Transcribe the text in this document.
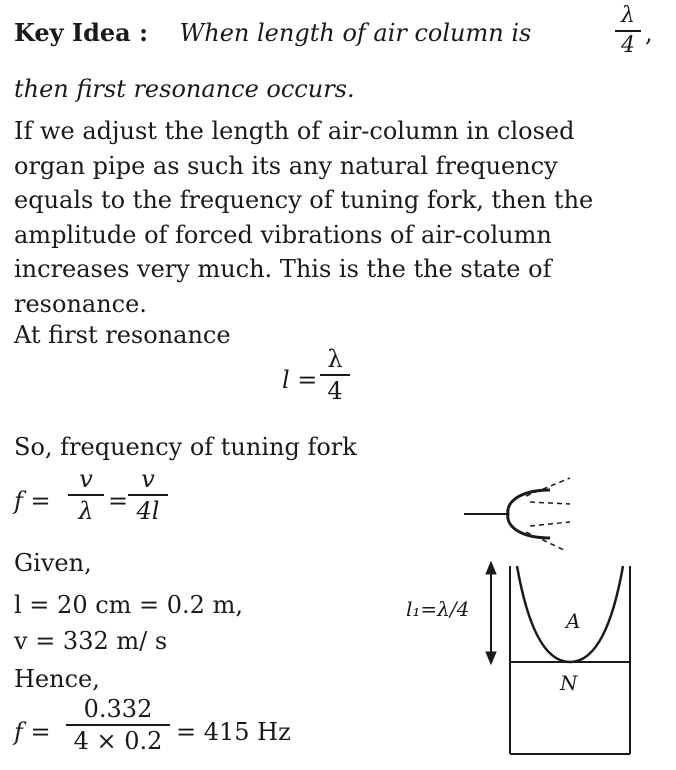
Key Idea : When length of air column is
λ
4 ,
then first resonance occurs.
If we adjust the length of air-column in closed
organ pipe as such its any natural frequency
equals to the frequency of tuning fork, then the
amplitude of forced vibrations of air-column
increases very much. This is the the state of
resonance.
At first resonance
l =
λ
4
So, frequency of tuning fork
f =
v
λ =
v
4l
Given,
l = 20 cm = 0.2 m,
v = 332 m/ s
Hence,
f =
0.332
4 × 0.2 = 415 Hz
l₁=λ/4	A
N
